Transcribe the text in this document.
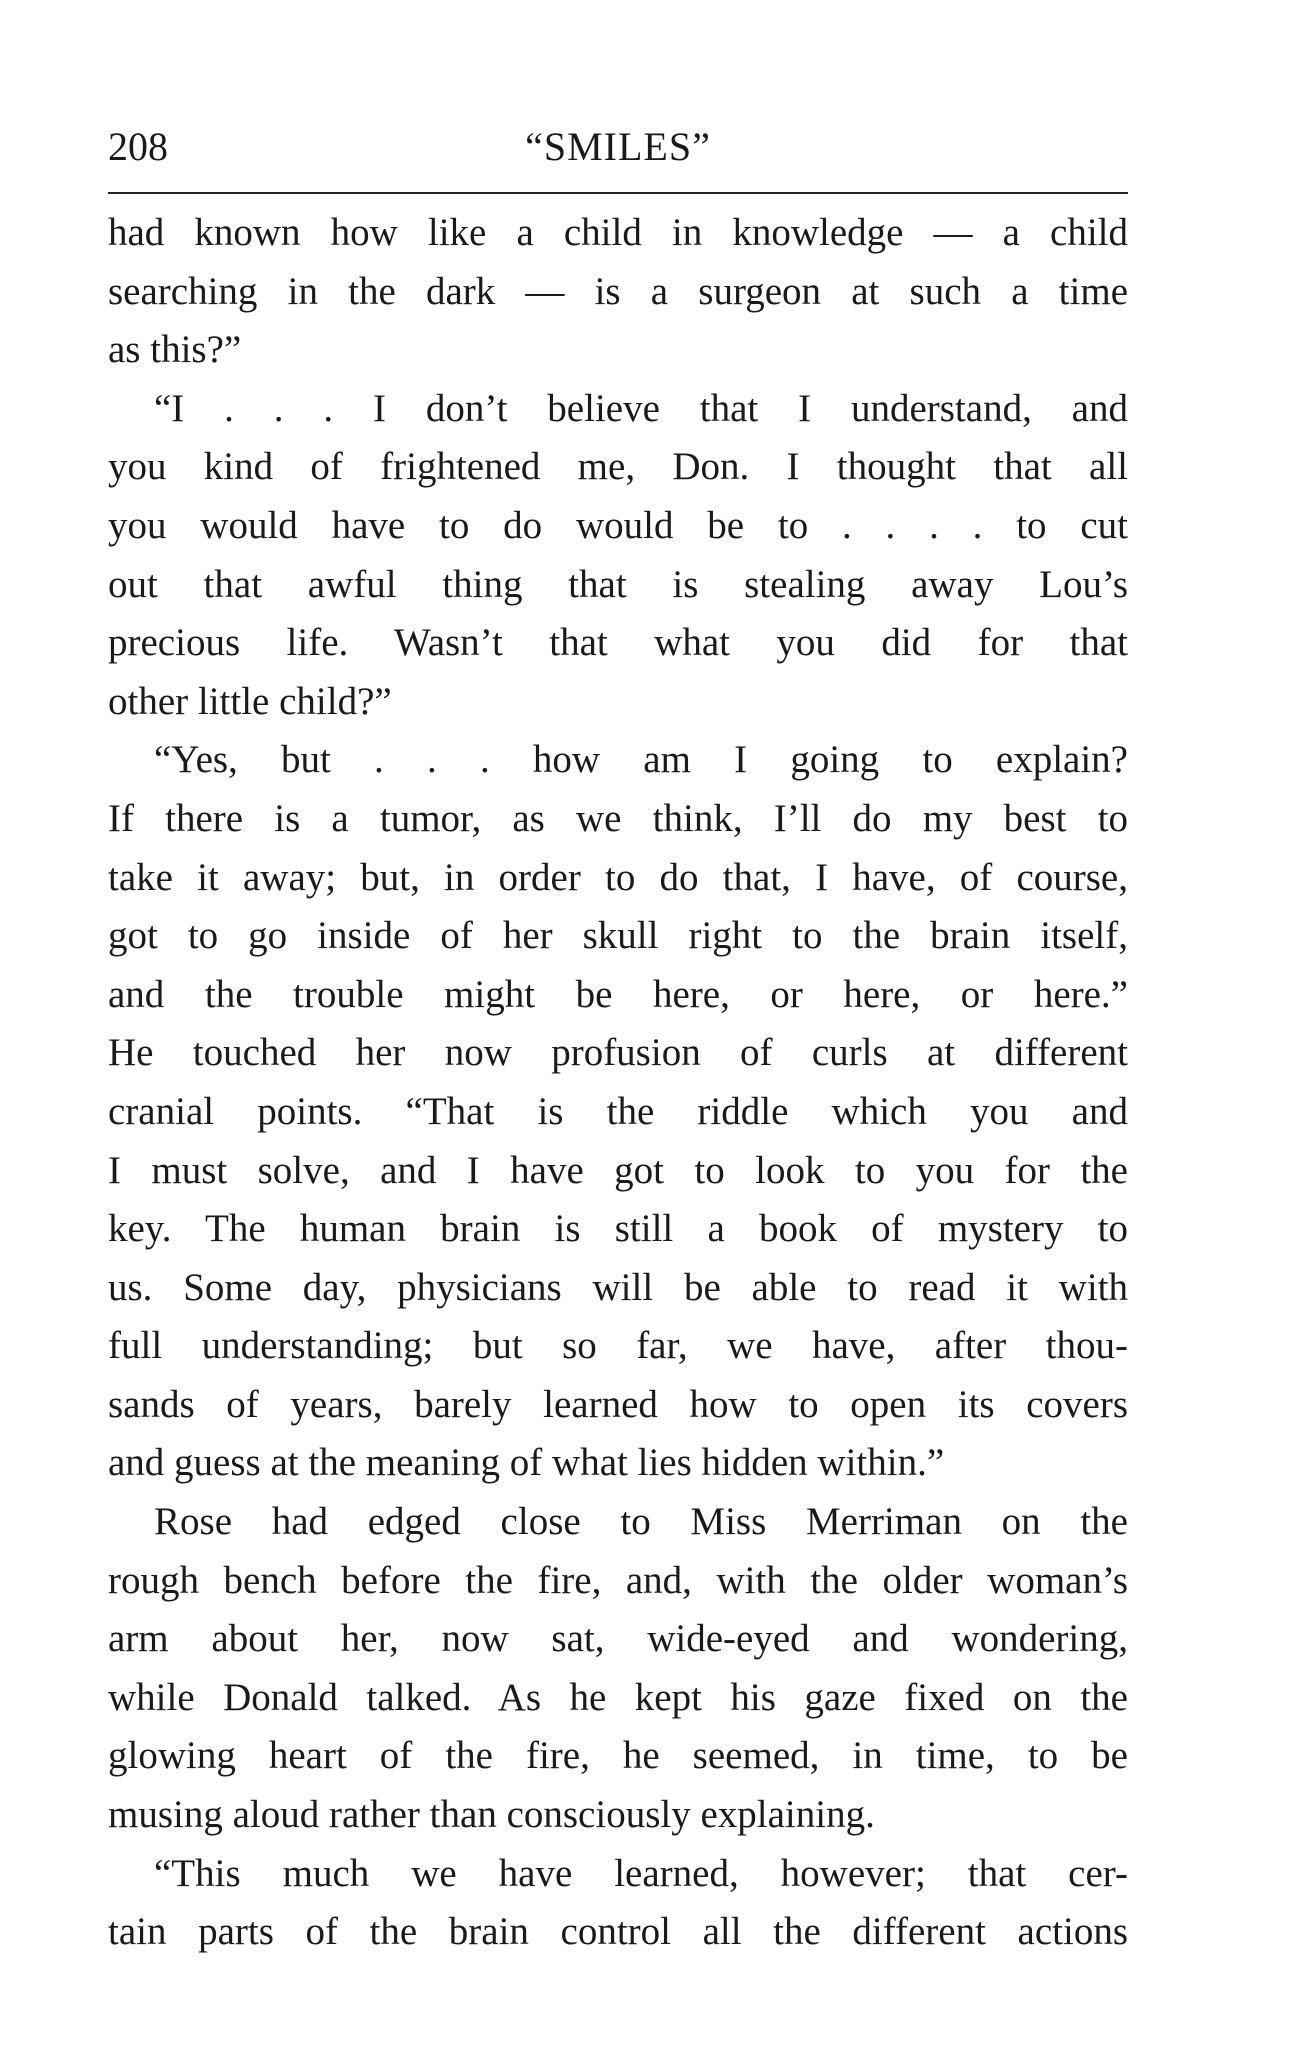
208	“SMILES”
had known how like a child in knowledge — a child
searching in the dark — is a surgeon at such a time
as this?”
“I . . . I don’t believe that I understand, and
you kind of frightened me, Don. I thought that all
you would have to do would be to . . . . to cut
out that awful thing that is stealing away Lou’s
precious life. Wasn’t that what you did for that
other little child?”
“Yes, but . . . how am I going to explain?
If there is a tumor, as we think, I’ll do my best to
take it away; but, in order to do that, I have, of course,
got to go inside of her skull right to the brain itself,
and the trouble might be here, or here, or here.”
He touched her now profusion of curls at different
cranial points. “That is the riddle which you and
I must solve, and I have got to look to you for the
key. The human brain is still a book of mystery to
us. Some day, physicians will be able to read it with
full understanding; but so far, we have, after thou-
sands of years, barely learned how to open its covers
and guess at the meaning of what lies hidden within.”
Rose had edged close to Miss Merriman on the
rough bench before the fire, and, with the older woman’s
arm about her, now sat, wide-eyed and wondering,
while Donald talked. As he kept his gaze fixed on the
glowing heart of the fire, he seemed, in time, to be
musing aloud rather than consciously explaining.
“This much we have learned, however; that cer-
tain parts of the brain control all the different actions
